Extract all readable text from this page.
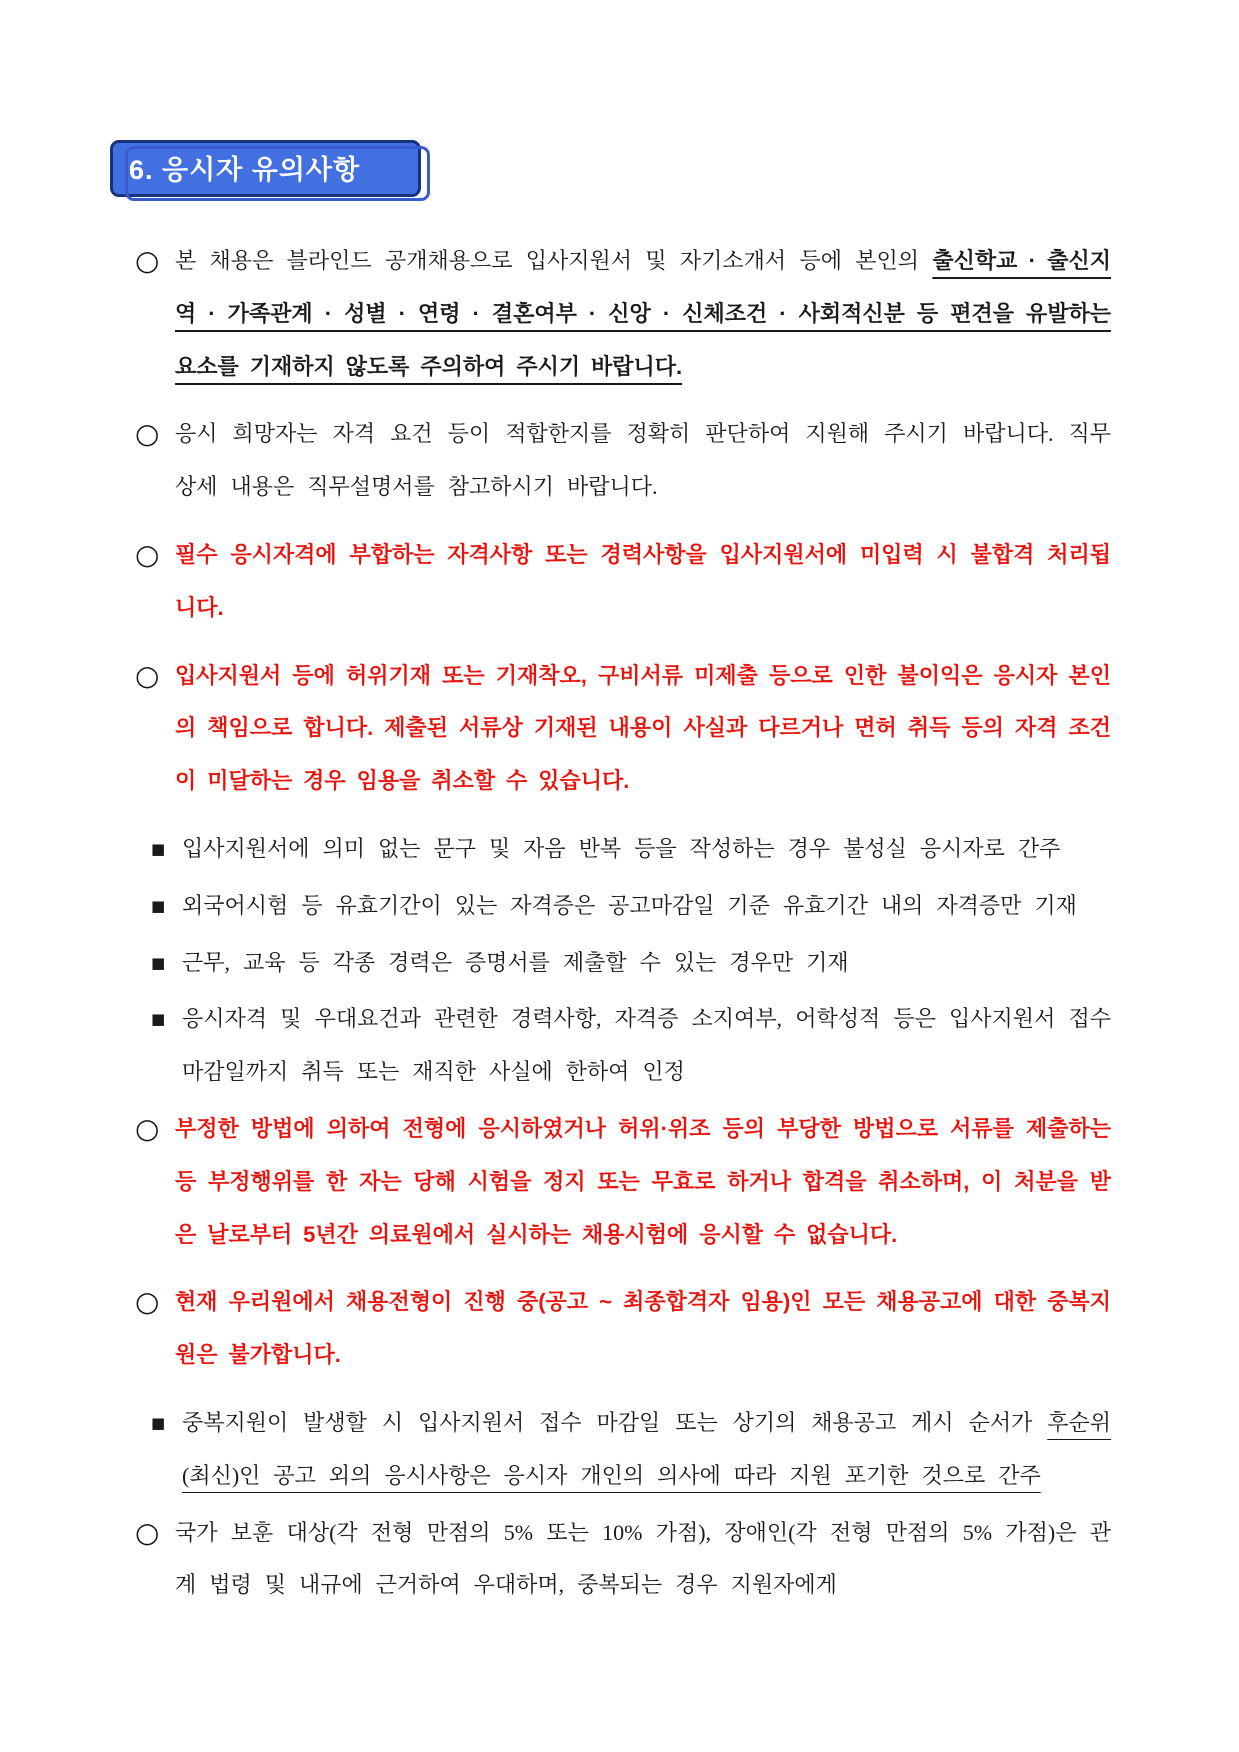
6. 응시자 유의사항
○ 본 채용은 블라인드 공개채용으로 입사지원서 및 자기소개서 등에 본인의 출신학교 · 출신지역 · 가족관계 · 성별 · 연령 · 결혼여부 · 신앙 · 신체조건 · 사회적신분 등 편견을 유발하는 요소를 기재하지 않도록 주의하여 주시기 바랍니다.
○ 응시 희망자는 자격 요건 등이 적합한지를 정확히 판단하여 지원해 주시기 바랍니다. 직무 상세 내용은 직무설명서를 참고하시기 바랍니다.
○ 필수 응시자격에 부합하는 자격사항 또는 경력사항을 입사지원서에 미입력 시 불합격 처리됩니다.
○ 입사지원서 등에 허위기재 또는 기재착오, 구비서류 미제출 등으로 인한 불이익은 응시자 본인의 책임으로 합니다. 제출된 서류상 기재된 내용이 사실과 다르거나 면허 취득 등의 자격 조건이 미달하는 경우 임용을 취소할 수 있습니다.
■ 입사지원서에 의미 없는 문구 및 자음 반복 등을 작성하는 경우 불성실 응시자로 간주
■ 외국어시험 등 유효기간이 있는 자격증은 공고마감일 기준 유효기간 내의 자격증만 기재
■ 근무, 교육 등 각종 경력은 증명서를 제출할 수 있는 경우만 기재
■ 응시자격 및 우대요건과 관련한 경력사항, 자격증 소지여부, 어학성적 등은 입사지원서 접수마감일까지 취득 또는 재직한 사실에 한하여 인정
○ 부정한 방법에 의하여 전형에 응시하였거나 허위·위조 등의 부당한 방법으로 서류를 제출하는 등 부정행위를 한 자는 당해 시험을 정지 또는 무효로 하거나 합격을 취소하며, 이 처분을 받은 날로부터 5년간 의료원에서 실시하는 채용시험에 응시할 수 없습니다.
○ 현재 우리원에서 채용전형이 진행 중(공고 ~ 최종합격자 임용)인 모든 채용공고에 대한 중복지원은 불가합니다.
■ 중복지원이 발생할 시 입사지원서 접수 마감일 또는 상기의 채용공고 게시 순서가 후순위(최신)인 공고 외의 응시사항은 응시자 개인의 의사에 따라 지원 포기한 것으로 간주
○ 국가 보훈 대상(각 전형 만점의 5% 또는 10% 가점), 장애인(각 전형 만점의 5% 가점)은 관계 법령 및 내규에 근거하여 우대하며, 중복되는 경우 지원자에게
